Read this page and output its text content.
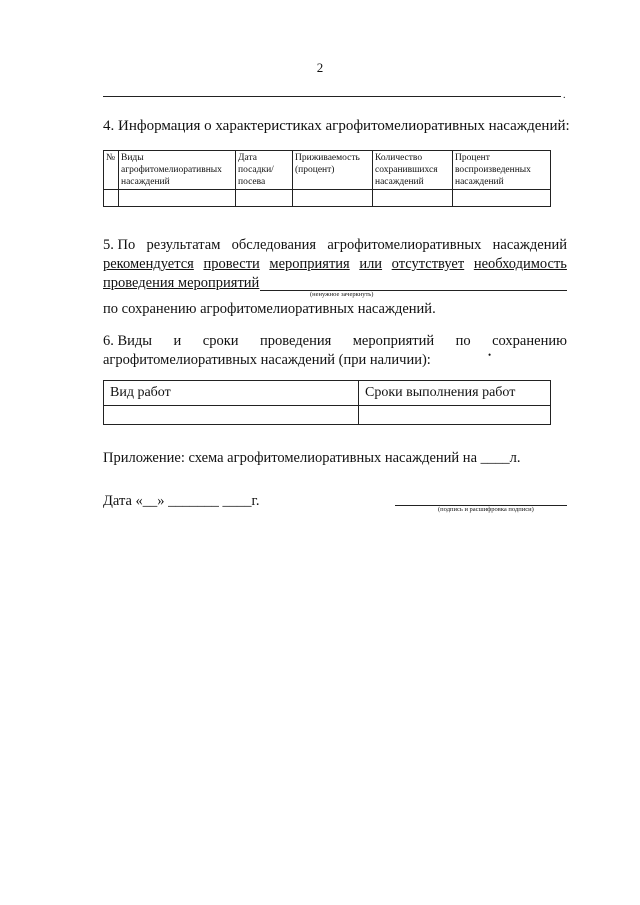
2
.
4. Информация о характеристиках агрофитомелиоративных насаждений:
№	Виды
агрофитомелиоративных
насаждений	Дата
посадки/
посева	Приживаемость
(процент)	Количество
сохранившихся
насаждений	Процент
воспроизведенных
насаждений

5. По результатам обследования агрофитомелиоративных насаждений
рекомендуется провести мероприятия или отсутствует необходимость
проведения мероприятий
(ненужное зачеркнуть)
по сохранению агрофитомелиоративных насаждений.
6. Виды и сроки проведения мероприятий по сохранению
агрофитомелиоративных насаждений (при наличии):	•
Вид работ	Сроки выполнения работ

Приложение: схема агрофитомелиоративных насаждений на ____л.
Дата «__» _______ ____г.
(подпись и расшифровка подписи)
